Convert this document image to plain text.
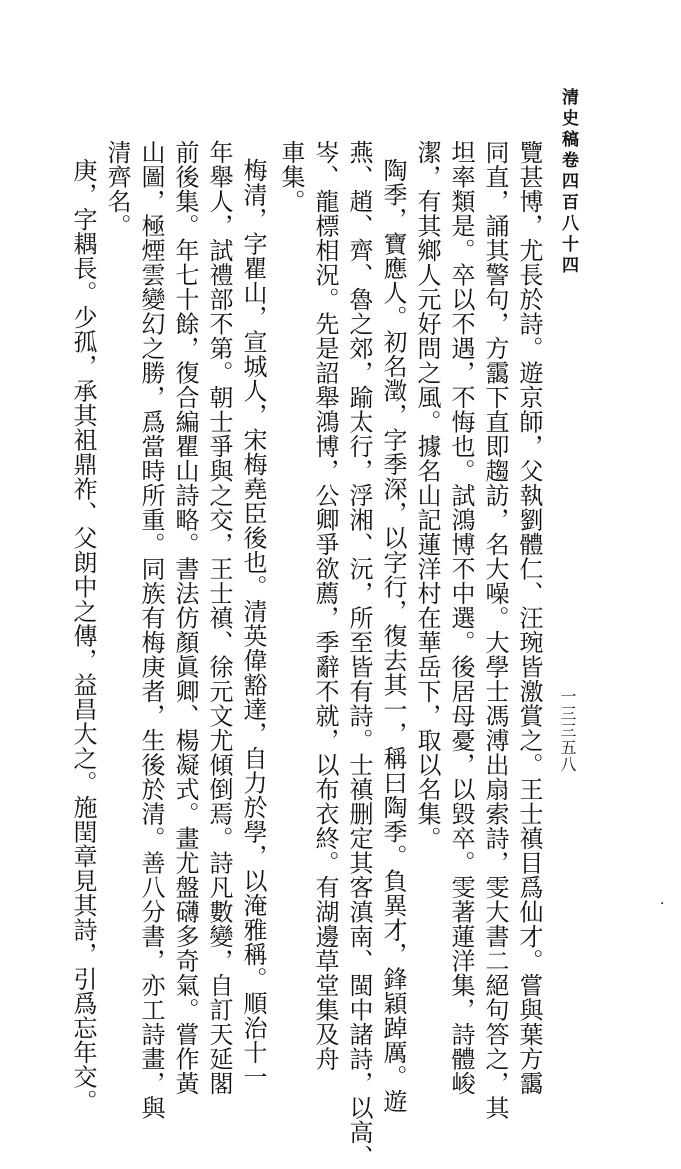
清史稿卷四百八十四
一三三五八
覽甚博，尤長於詩。遊京師，父執劉體仁、汪琬皆激賞之。王士禛目爲仙才。嘗與葉方靄
同直，誦其警句，方靄下直即趨訪，名大噪。大學士馮溥出扇索詩，雯大書二絕句答之，其
坦率類是。卒以不遇，不悔也。試鴻博不中選。後居母憂，以毀卒。雯著蓮洋集，詩體峻
潔，有其鄉人元好問之風。據名山記蓮洋村在華岳下，取以名集。
陶季，寶應人。初名澂，字季深，以字行，復去其一，稱曰陶季。負異才，鋒穎踔厲。遊
燕、趙、齊、魯之郊，踰太行，浮湘、沅，所至皆有詩。士禛删定其客滇南、閩中諸詩，以高、
岑、龍標相況。先是詔舉鴻博，公卿爭欲薦，季辭不就，以布衣終。有湖邊草堂集及舟
車集。
梅清，字瞿山，宣城人，宋梅堯臣後也。清英偉豁達，自力於學，以淹雅稱。順治十一
年舉人，試禮部不第。朝士爭與之交，王士禛、徐元文尤傾倒焉。詩凡數變，自訂天延閣
前後集。年七十餘，復合編瞿山詩略。書法仿顏眞卿、楊凝式。畫尤盤礴多奇氣。嘗作黃
山圖，極煙雲變幻之勝，爲當時所重。同族有梅庚者，生後於清。善八分書，亦工詩畫，與
清齊名。
庚，字耦長。少孤，承其祖鼎祚、父朗中之傳，益昌大之。施閏章見其詩，引爲忘年交。	·
